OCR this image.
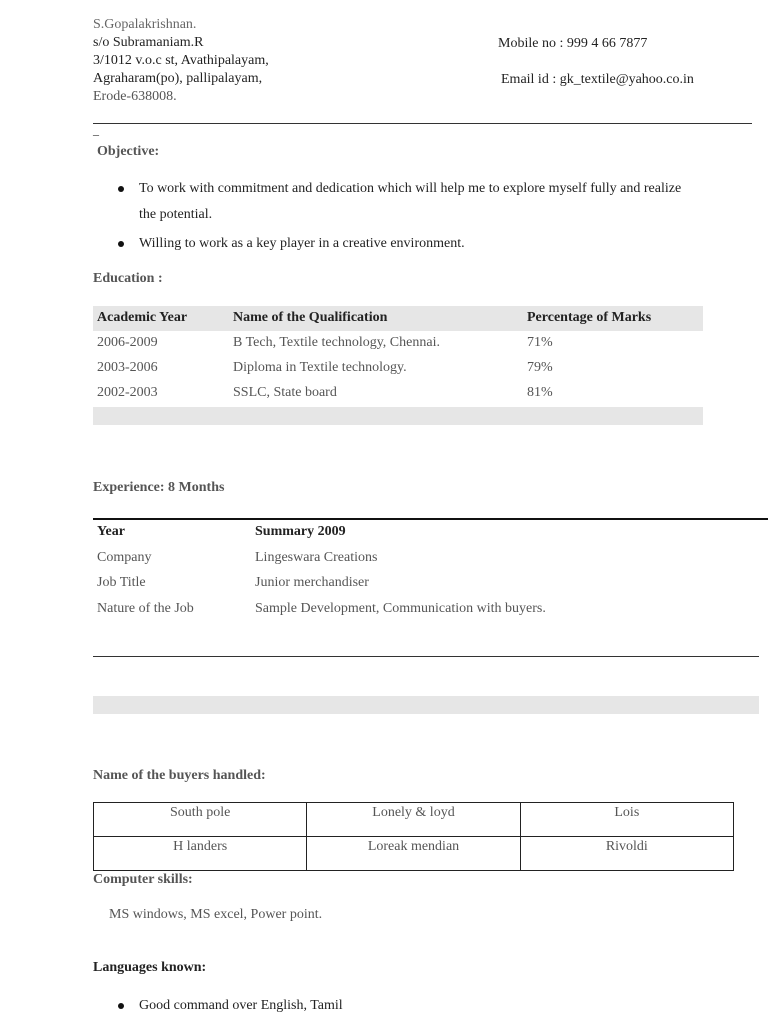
S.Gopalakrishnan.
s/o Subramaniam.R
3/1012 v.o.c st, Avathipalayam,
Agraharam(po), pallipalayam,
Erode-638008.
Mobile no : 999 4 66 7877
Email id : gk_textile@yahoo.co.in
_
Objective:
To work with commitment and dedication which will help me to explore myself fully and realize
the potential.
Willing to work as a key player in a creative environment.
Education :
Academic Year	Name of the Qualification	Percentage of Marks
2006-2009	B Tech, Textile technology, Chennai.	71%
2003-2006	Diploma in Textile technology.	79%
2002-2003	SSLC, State board	81%
Experience: 8 Months
Year	Summary 2009
Company	Lingeswara Creations
Job Title	Junior merchandiser
Nature of the Job	Sample Development, Communication with buyers.
Name of the buyers handled:
South pole	Lonely & loyd	Lois
H landers	Loreak mendian	Rivoldi
Computer skills:
MS windows, MS excel, Power point.
Languages known:
Good command over English, Tamil
